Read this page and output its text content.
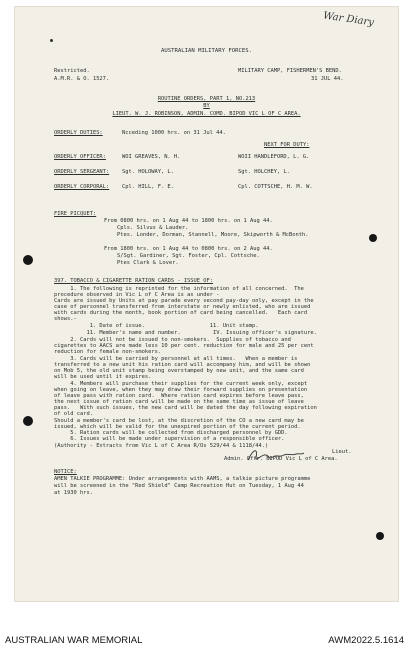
War Diary
AUSTRALIAN MILITARY FORCES.
Restricted.
A.M.R. & O. 1527.
MILITARY CAMP, FISHERMEN'S BEND.
31 JUL 44.
ROUTINE ORDERS, PART 1, NO.213
BY
LIEUT. W. J. ROBINSON, ADMIN. COMD. BIPOD VIC L OF C AREA.
ORDERLY DUTIES:	Ncceding 1000 hrs. on 31 Jul 44.
NEXT FOR DUTY:
ORDERLY OFFICER:	WOI GREAVES, N. H.	WOII HANDLEFORD, L. G.
ORDERLY SERGEANT: Sgt. HOLOWAY, L.	Sgt. HOLCHEY, L.
ORDERLY CORPORAL: Cpl. HILL, F. E.	Cpl. COTTSCHE, H. M. W.
FIRE PICQUET:
From 0800 hrs. on 1 Aug 44 to 1800 hrs. on 1 Aug 44.
Cpls. Silvus & Lauder.
Ptes. Londer, Dorman, Stannell, Moore, Skipworth & McBonth.
From 1800 hrs. on 1 Aug 44 to 0800 hrs. on 2 Aug 44.
S/Sgt. Gardiner, Sgt. Foster, Cpl. Cottsche.
Ptes Clark & Lover.
397. TOBACCO & CIGARETTE RATION CARDS - ISSUE OF:
1. The following is reprinted for the information of all concerned.  The
procedure observed in Vic L of C Area is as under -
Cards are issued by Units at pay parade every second pay-day only, except in the
case of personnel transferred from interstate or newly enlisted, who are issued
with cards during the month, book portion of card being cancelled.   Each card
shows.-
1. Date of issue.                    11. Unit stamp.
11. Member's name and number.          IV. Issuing officer's signature.
2. Cards will not be issued to non-smokers.  Supplies of tobacco and
cigarettes to AACS are made less 10 per cent. reduction for male and 25 per cent
reduction for female non-smokers.
3. Cards will be carried by personnel at all times.   When a member is
transferred to a new unit his ration card will accompany him, and will be shown
on Mob 5, the old unit stamp being overstamped by new unit, and the same card
will be used until it expires.
4. Members will purchase their supplies for the current week only, except
when going on leave, when they may draw their forward supplies on presentation
of leave pass with ration card.  Where ration card expires before leave pass,
the next issue of ration card will be made on the same time as issue of leave
pass.   With such issues, the new card will be dated the day following expiration
of old card.
Should a member's card be lost, at the discretion of the CO a new card may be
issued, which will be valid for the unexpired portion of the current period.
5. Ration cards will be collected from discharged personnel by GDD.
6. Issues will be made under supervision of a responsible officer.
(Authority - Extracts from Vic L of C Area R/Os 529/44 & 1118/44.)
Lieut.
Admin. Offr. BIPOD Vic L of C Area.
NOTICE:
AMEN TALKIE PROGRAMME: Under arrangements with AAMS, a talkie picture programme
will be screened in the "Red Shield" Camp Recreation Hut on Tuesday, 1 Aug 44
at 1930 hrs.
AUSTRALIAN WAR MEMORIAL	AWM2022.5.1614
